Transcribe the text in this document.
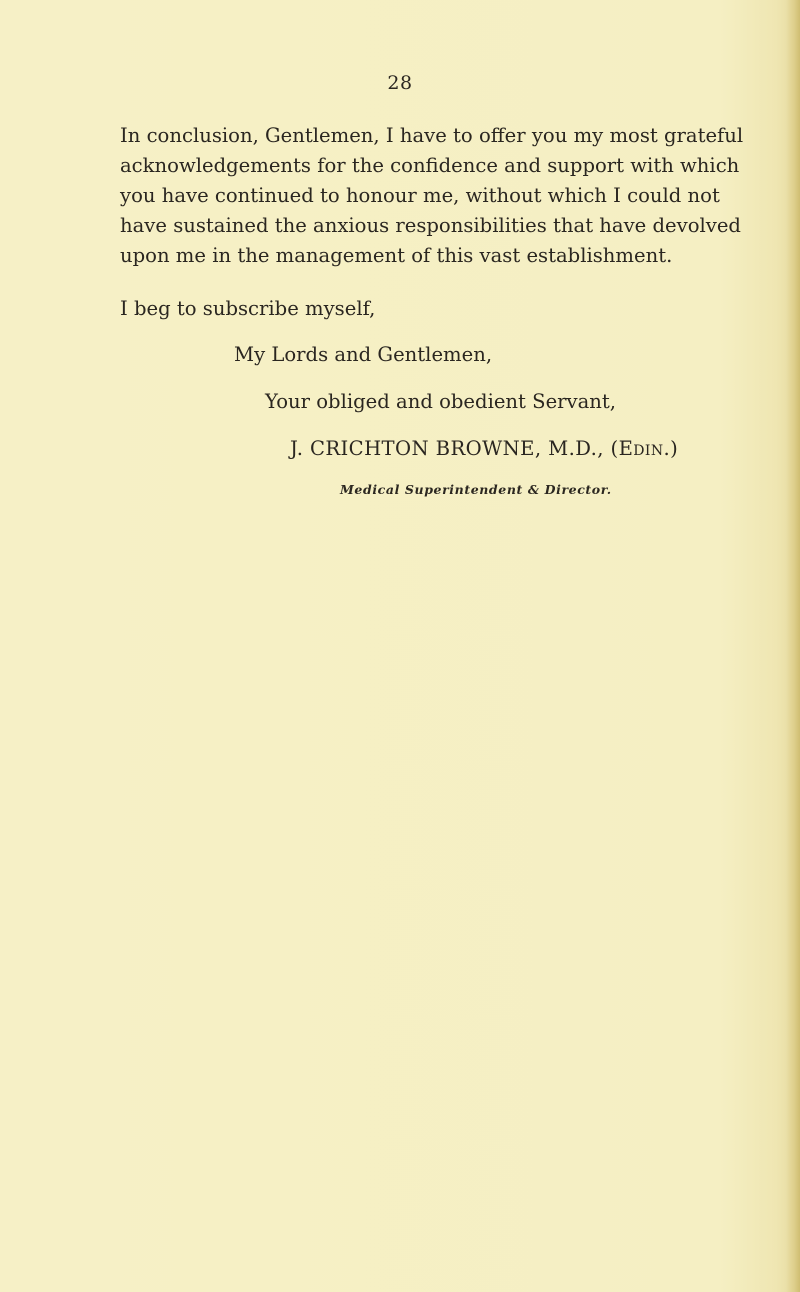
28

In conclusion, Gentlemen, I have to offer you my most grateful
acknowledgements for the confidence and support with which
you have continued to honour me, without which I could not
have sustained the anxious responsibilities that have devolved
upon me in the management of this vast establishment.

I beg to subscribe myself,
My Lords and Gentlemen,
Your obliged and obedient Servant,
J. CRICHTON BROWNE, M.D., (Edin.)
Medical Superintendent & Director.
